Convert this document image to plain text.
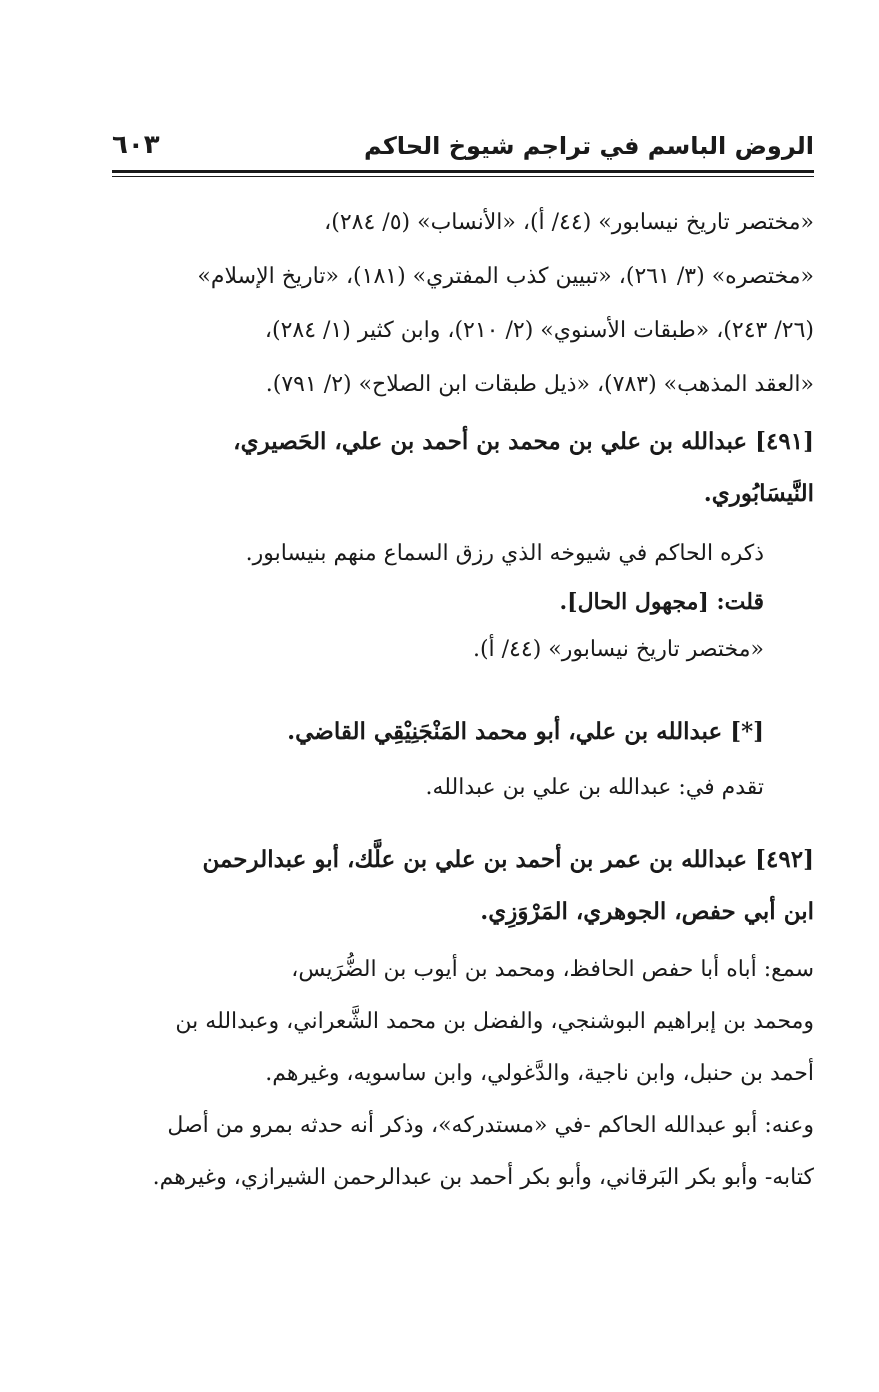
الروض الباسم في تراجم شيوخ الحاكم
٦٠٣
«مختصر تاريخ نيسابور» (٤٤/ أ)، «الأنساب» (٥/ ٢٨٤)،
«مختصره» (٣/ ٢٦١)، «تبيين كذب المفتري» (١٨١)، «تاريخ الإسلام»
(٢٦/ ٢٤٣)، «طبقات الأسنوي» (٢/ ٢١٠)، وابن كثير (١/ ٢٨٤)،
«العقد المذهب» (٧٨٣)، «ذيل طبقات ابن الصلاح» (٢/ ٧٩١).
[٤٩١] عبدالله بن علي بن محمد بن أحمد بن علي، الحَصيري،
النَّيسَابُوري.
ذكره الحاكم في شيوخه الذي رزق السماع منهم بنيسابور.
قلت: [مجهول الحال].
«مختصر تاريخ نيسابور» (٤٤/ أ).
[*] عبدالله بن علي، أبو محمد المَنْجَنِيْقِي القاضي.
تقدم في: عبدالله بن علي بن عبدالله.
[٤٩٢] عبدالله بن عمر بن أحمد بن علي بن علَّك، أبو عبدالرحمن
ابن أبي حفص، الجوهري، المَرْوَزِي.
سمع: أباه أبا حفص الحافظ، ومحمد بن أيوب بن الضُّرَيس،
ومحمد بن إبراهيم البوشنجي، والفضل بن محمد الشَّعراني، وعبدالله بن
أحمد بن حنبل، وابن ناجية، والدَّغولي، وابن ساسويه، وغيرهم.
وعنه: أبو عبدالله الحاكم -في «مستدركه»، وذكر أنه حدثه بمرو من أصل
كتابه- وأبو بكر البَرقاني، وأبو بكر أحمد بن عبدالرحمن الشيرازي، وغيرهم.
